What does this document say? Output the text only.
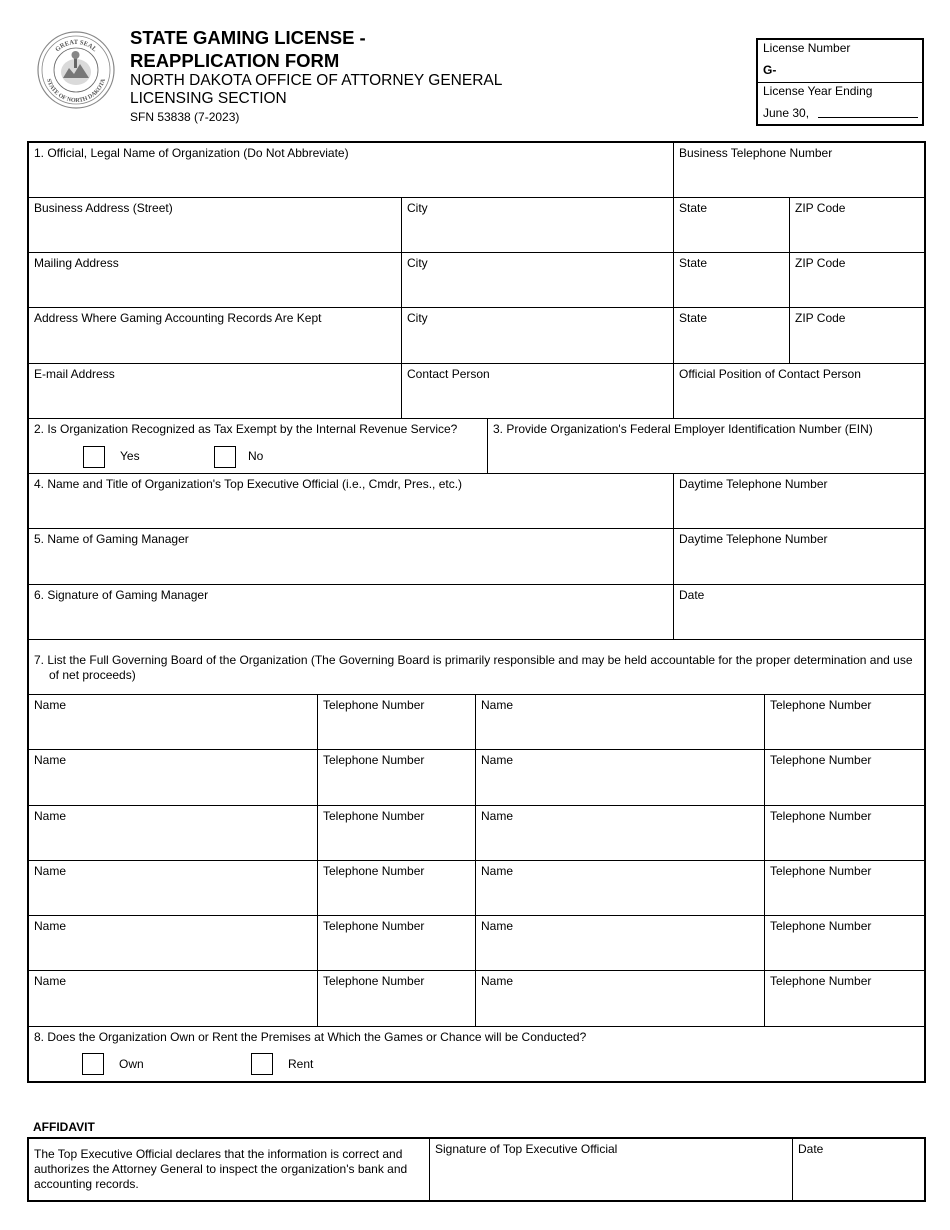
GREAT SEAL
STATE OF NORTH DAKOTA
STATE GAMING LICENSE -
REAPPLICATION FORM
NORTH DAKOTA OFFICE OF ATTORNEY GENERAL
LICENSING SECTION
SFN 53838 (7-2023)
License Number
G-
License Year Ending
June 30,
1. Official, Legal Name of Organization (Do Not Abbreviate)	Business Telephone Number
Business Address (Street)	City	State	ZIP Code
Mailing Address	City	State	ZIP Code
Address Where Gaming Accounting Records Are Kept	City	State	ZIP Code
E-mail Address	Contact Person	Official Position of Contact Person
2. Is Organization Recognized as Tax Exempt by the Internal Revenue Service?
Yes	No
3. Provide Organization's Federal Employer Identification Number (EIN)
4. Name and Title of Organization's Top Executive Official (i.e., Cmdr, Pres., etc.)	Daytime Telephone Number
5. Name of Gaming Manager	Daytime Telephone Number
6. Signature of Gaming Manager	Date
7. List the Full Governing Board of the Organization (The Governing Board is primarily responsible and may be held accountable for the proper determination and use of net proceeds)
Name	Telephone Number	Name	Telephone Number
Name	Telephone Number	Name	Telephone Number
Name	Telephone Number	Name	Telephone Number
Name	Telephone Number	Name	Telephone Number
Name	Telephone Number	Name	Telephone Number
Name	Telephone Number	Name	Telephone Number
8. Does the Organization Own or Rent the Premises at Which the Games or Chance will be Conducted?
Own	Rent
AFFIDAVIT
The Top Executive Official declares that the information is correct and authorizes the Attorney General to inspect the organization's bank and accounting records.
Signature of Top Executive Official	Date
